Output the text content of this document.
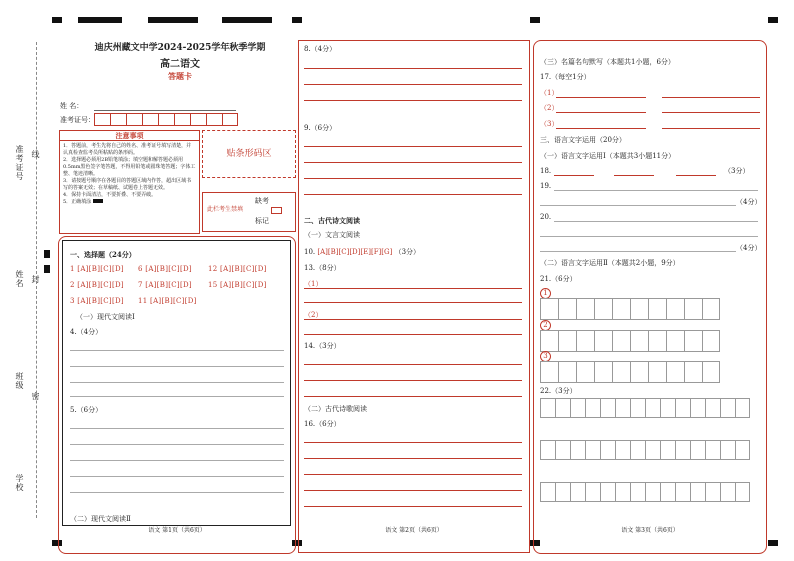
准考证号 线
姓名 封
班级
密
学校
迪庆州藏文中学2024-2025学年秋季学期
高二语文
答题卡
姓 名：
准考证号：
注意事项
1．答题前，考生先将自己的姓名、准考证号填写清楚，并认真检查监考员所粘贴的条形码。
2．选择题必须用2B铅笔填涂；填空题和解答题必须用0.5mm黑色签字笔答题，不得用铅笔或圆珠笔答题；字体工整、笔迹清晰。
3．请按题号顺序在各题目的答题区域内作答，超出区域书写的答案无效；在草稿纸、试题卷上答题无效。
4．保持卡面清洁，不要折叠、不要弄破。
5．正确填涂
贴条形码区
此栏考生禁填
缺考
标记
一、选择题（24分）
1 [A][B][C][D] 6 [A][B][C][D] 12 [A][B][C][D]
2 [A][B][C][D] 7 [A][B][C][D] 15 [A][B][C][D]
3 [A][B][C][D] 11 [A][B][C][D]
（一）现代文阅读Ⅰ
4.（4分）
5.（6分）
（二）现代文阅读Ⅱ
语文 第1页（共6页）
8.（4分）
9.（6分）
二、古代诗文阅读
（一）文言文阅读
10. [A][B][C][D][E][F][G] （3分）
13.（8分）
（1）
（2）
14.（3分）
（二）古代诗歌阅读
16.（6分）
语文 第2页（共6页）
（三）名篇名句默写（本题共1小题，6分）
17.（每空1分）
（1）
（2）
（3）
三、语言文字运用（20分）
（一）语言文字运用Ⅰ（本题共3小题11分）
18.	（3分）
19.
（4分）
20.
（4分）
（二）语言文字运用Ⅱ（本题共2小题，9分）
21.（6分）
1
2
3
22.（3分）
语文 第3页（共6页）
